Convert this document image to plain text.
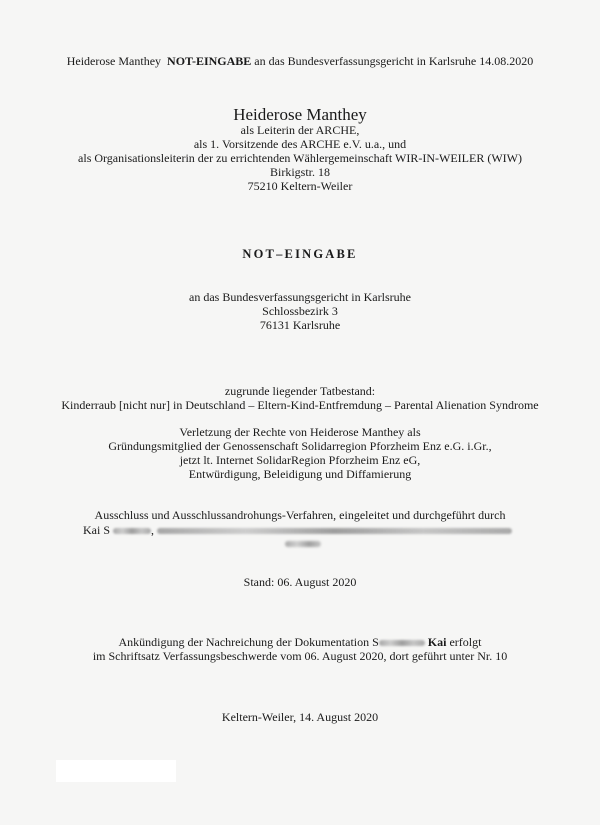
Heiderose Manthey NOT-EINGABE an das Bundesverfassungsgericht in Karlsruhe 14.08.2020
Heiderose Manthey
als Leiterin der ARCHE,
als 1. Vorsitzende des ARCHE e.V. u.a., und
als Organisationsleiterin der zu errichtenden Wählergemeinschaft WIR-IN-WEILER (WIW)
Birkigstr. 18
75210 Keltern-Weiler
NOT–EINGABE
an das Bundesverfassungsgericht in Karlsruhe
Schlossbezirk 3
76131 Karlsruhe
zugrunde liegender Tatbestand:
Kinderraub [nicht nur] in Deutschland – Eltern-Kind-Entfremdung – Parental Alienation Syndrome
Verletzung der Rechte von Heiderose Manthey als
Gründungsmitglied der Genossenschaft Solidarregion Pforzheim Enz e.G. i.Gr.,
jetzt lt. Internet SolidarRegion Pforzheim Enz eG,
Entwürdigung, Beleidigung und Diffamierung
Ausschluss und Ausschlussandrohungs-Verfahren, eingeleitet und durchgeführt durch
Kai S	,
Stand: 06. August 2020
Ankündigung der Nachreichung der Dokumentation S	Kai erfolgt
im Schriftsatz Verfassungsbeschwerde vom 06. August 2020, dort geführt unter Nr. 10
Keltern-Weiler, 14. August 2020
